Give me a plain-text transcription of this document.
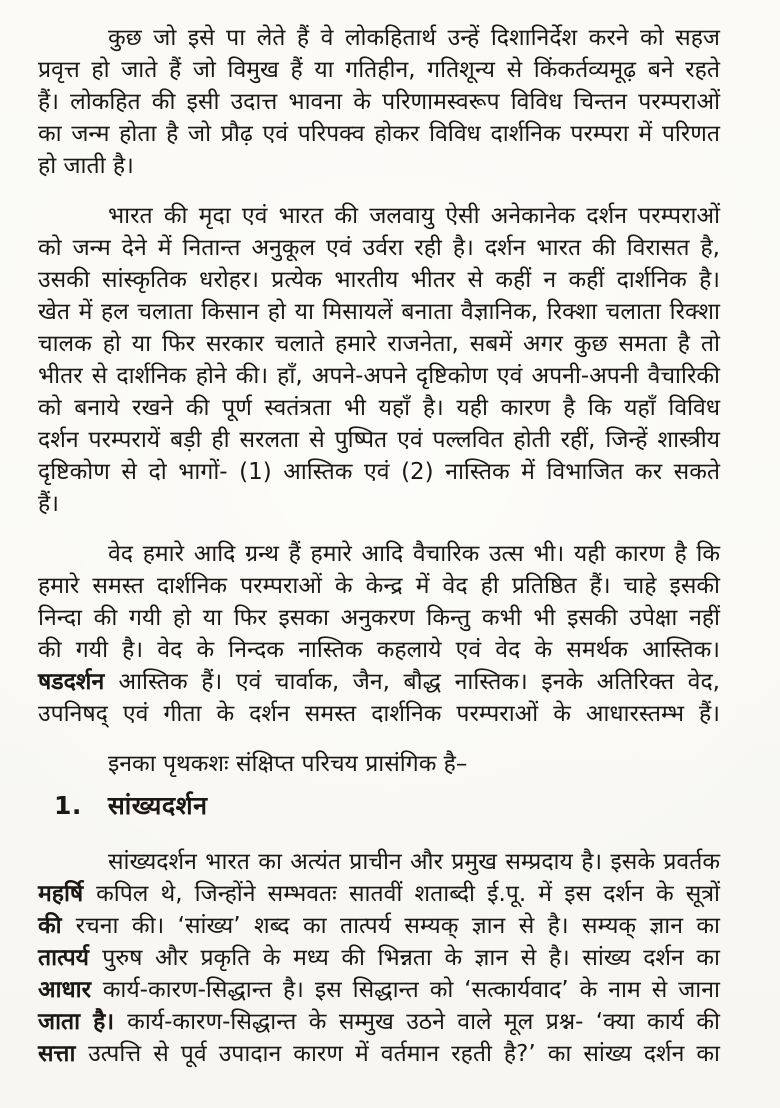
कुछ जो इसे पा लेते हैं वे लोकहितार्थ उन्हें दिशानिर्देश करने को सहज
प्रवृत्त हो जाते हैं जो विमुख हैं या गतिहीन, गतिशून्य से किंकर्तव्यमूढ़ बने रहते
हैं। लोकहित की इसी उदात्त भावना के परिणामस्वरूप विविध चिन्तन परम्पराओं
का जन्म होता है जो प्रौढ़ एवं परिपक्व होकर विविध दार्शनिक परम्परा में परिणत
हो जाती है।
भारत की मृदा एवं भारत की जलवायु ऐसी अनेकानेक दर्शन परम्पराओं
को जन्म देने में नितान्त अनुकूल एवं उर्वरा रही है। दर्शन भारत की विरासत है,
उसकी सांस्कृतिक धरोहर। प्रत्येक भारतीय भीतर से कहीं न कहीं दार्शनिक है।
खेत में हल चलाता किसान हो या मिसायलें बनाता वैज्ञानिक, रिक्शा चलाता रिक्शा
चालक हो या फिर सरकार चलाते हमारे राजनेता, सबमें अगर कुछ समता है तो
भीतर से दार्शनिक होने की। हाँ, अपने-अपने दृष्टिकोण एवं अपनी-अपनी वैचारिकी
को बनाये रखने की पूर्ण स्वतंत्रता भी यहाँ है। यही कारण है कि यहाँ विविध
दर्शन परम्परायें बड़ी ही सरलता से पुष्पित एवं पल्लवित होती रहीं, जिन्हें शास्त्रीय
दृष्टिकोण से दो भागों- (1) आस्तिक एवं (2) नास्तिक में विभाजित कर सकते
हैं।
वेद हमारे आदि ग्रन्थ हैं हमारे आदि वैचारिक उत्स भी। यही कारण है कि
हमारे समस्त दार्शनिक परम्पराओं के केन्द्र में वेद ही प्रतिष्ठित हैं। चाहे इसकी
निन्दा की गयी हो या फिर इसका अनुकरण किन्तु कभी भी इसकी उपेक्षा नहीं
की गयी है। वेद के निन्दक नास्तिक कहलाये एवं वेद के समर्थक आस्तिक।
षडदर्शन आस्तिक हैं। एवं चार्वाक, जैन, बौद्ध नास्तिक। इनके अतिरिक्त वेद,
उपनिषद् एवं गीता के दर्शन समस्त दार्शनिक परम्पराओं के आधारस्तम्भ हैं।
इनका पृथकशः संक्षिप्त परिचय प्रासंगिक है–
1. सांख्यदर्शन
सांख्यदर्शन भारत का अत्यंत प्राचीन और प्रमुख सम्प्रदाय है। इसके प्रवर्तक
महर्षि कपिल थे, जिन्होंने सम्भवतः सातवीं शताब्दी ई.पू. में इस दर्शन के सूत्रों
की रचना की। ‘सांख्य’ शब्द का तात्पर्य सम्यक् ज्ञान से है। सम्यक् ज्ञान का
तात्पर्य पुरुष और प्रकृति के मध्य की भिन्नता के ज्ञान से है। सांख्य दर्शन का
आधार कार्य-कारण-सिद्धान्त है। इस सिद्धान्त को ‘सत्कार्यवाद’ के नाम से जाना
जाता है। कार्य-कारण-सिद्धान्त के सम्मुख उठने वाले मूल प्रश्न- ‘क्या कार्य की
सत्ता उत्पत्ति से पूर्व उपादान कारण में वर्तमान रहती है?’ का सांख्य दर्शन का
